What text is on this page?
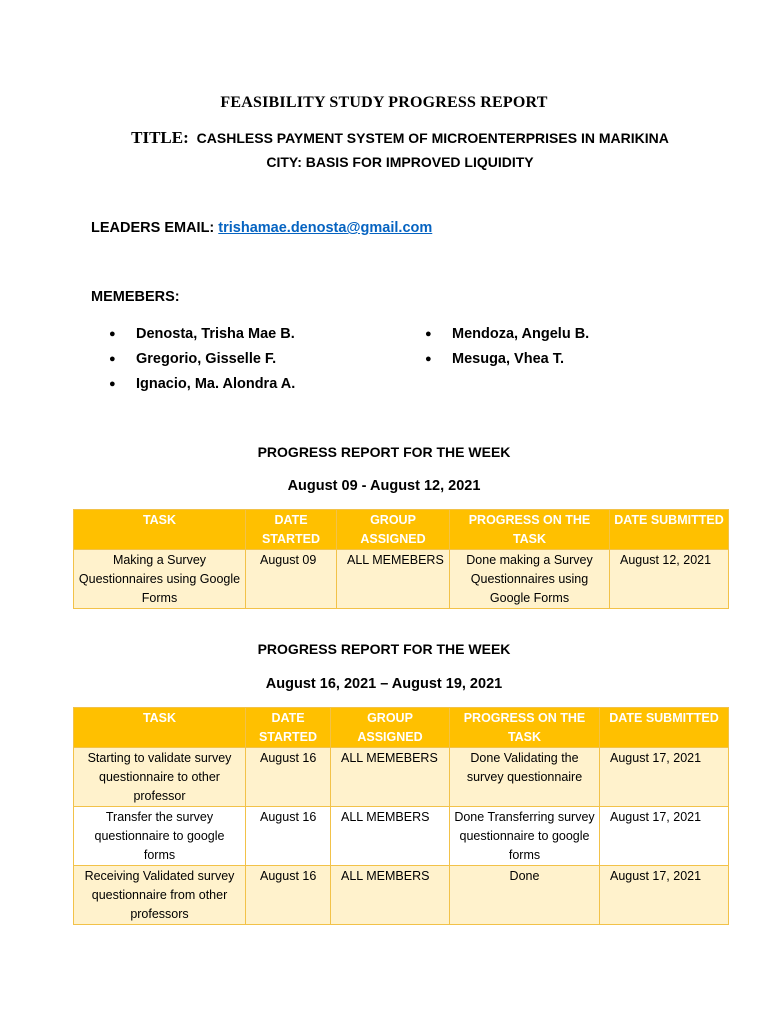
FEASIBILITY STUDY PROGRESS REPORT
TITLE: CASHLESS PAYMENT SYSTEM OF MICROENTERPRISES IN MARIKINA
CITY: BASIS FOR IMPROVED LIQUIDITY
LEADERS EMAIL: trishamae.denosta@gmail.com
MEMEBERS:
● Denosta, Trisha Mae B.
● Gregorio, Gisselle F.
● Ignacio, Ma. Alondra A.
● Mendoza, Angelu B.
● Mesuga, Vhea T.
PROGRESS REPORT FOR THE WEEK
August 09 - August 12, 2021
TASK	DATE STARTED	GROUP ASSIGNED	PROGRESS ON THE TASK	DATE SUBMITTED
Making a Survey Questionnaires using Google Forms	August 09	ALL MEMEBERS	Done making a Survey Questionnaires using Google Forms	August 12, 2021
PROGRESS REPORT FOR THE WEEK
August 16, 2021 – August 19, 2021
TASK	DATE STARTED	GROUP ASSIGNED	PROGRESS ON THE TASK	DATE SUBMITTED
Starting to validate survey questionnaire to other professor	August 16	ALL MEMEBERS	Done Validating the survey questionnaire	August 17, 2021
Transfer the survey questionnaire to google forms	August 16	ALL MEMBERS	Done Transferring survey questionnaire to google forms	August 17, 2021
Receiving Validated survey questionnaire from other professors	August 16	ALL MEMBERS	Done	August 17, 2021
